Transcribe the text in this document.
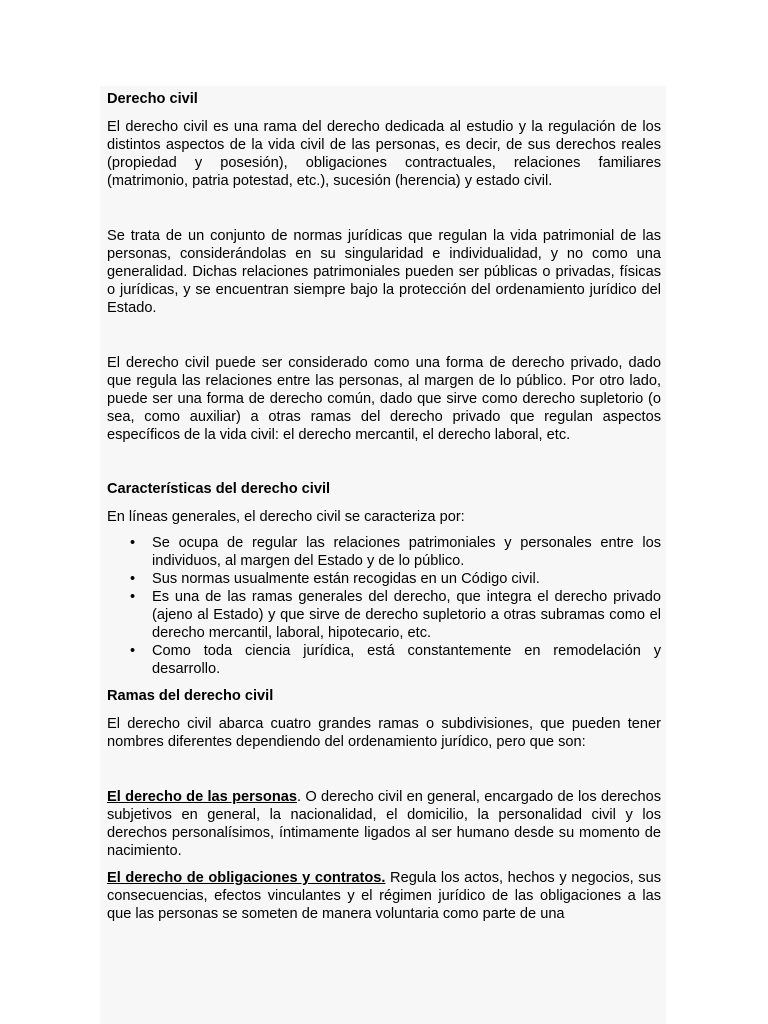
Derecho civil

El derecho civil es una rama del derecho dedicada al estudio y la regulación de los distintos aspectos de la vida civil de las personas, es decir, de sus derechos reales (propiedad y posesión), obligaciones contractuales, relaciones familiares (matrimonio, patria potestad, etc.), sucesión (herencia) y estado civil.

Se trata de un conjunto de normas jurídicas que regulan la vida patrimonial de las personas, considerándolas en su singularidad e individualidad, y no como una generalidad. Dichas relaciones patrimoniales pueden ser públicas o privadas, físicas o jurídicas, y se encuentran siempre bajo la protección del ordenamiento jurídico del Estado.

El derecho civil puede ser considerado como una forma de derecho privado, dado que regula las relaciones entre las personas, al margen de lo público. Por otro lado, puede ser una forma de derecho común, dado que sirve como derecho supletorio (o sea, como auxiliar) a otras ramas del derecho privado que regulan aspectos específicos de la vida civil: el derecho mercantil, el derecho laboral, etc.

Características del derecho civil

En líneas generales, el derecho civil se caracteriza por:

• Se ocupa de regular las relaciones patrimoniales y personales entre los individuos, al margen del Estado y de lo público.
• Sus normas usualmente están recogidas en un Código civil.
• Es una de las ramas generales del derecho, que integra el derecho privado (ajeno al Estado) y que sirve de derecho supletorio a otras subramas como el derecho mercantil, laboral, hipotecario, etc.
• Como toda ciencia jurídica, está constantemente en remodelación y desarrollo.
Ramas del derecho civil

El derecho civil abarca cuatro grandes ramas o subdivisiones, que pueden tener nombres diferentes dependiendo del ordenamiento jurídico, pero que son:

El derecho de las personas. O derecho civil en general, encargado de los derechos subjetivos en general, la nacionalidad, el domicilio, la personalidad civil y los derechos personalísimos, íntimamente ligados al ser humano desde su momento de nacimiento.

El derecho de obligaciones y contratos. Regula los actos, hechos y negocios, sus consecuencias, efectos vinculantes y el régimen jurídico de las obligaciones a las que las personas se someten de manera voluntaria como parte de una
